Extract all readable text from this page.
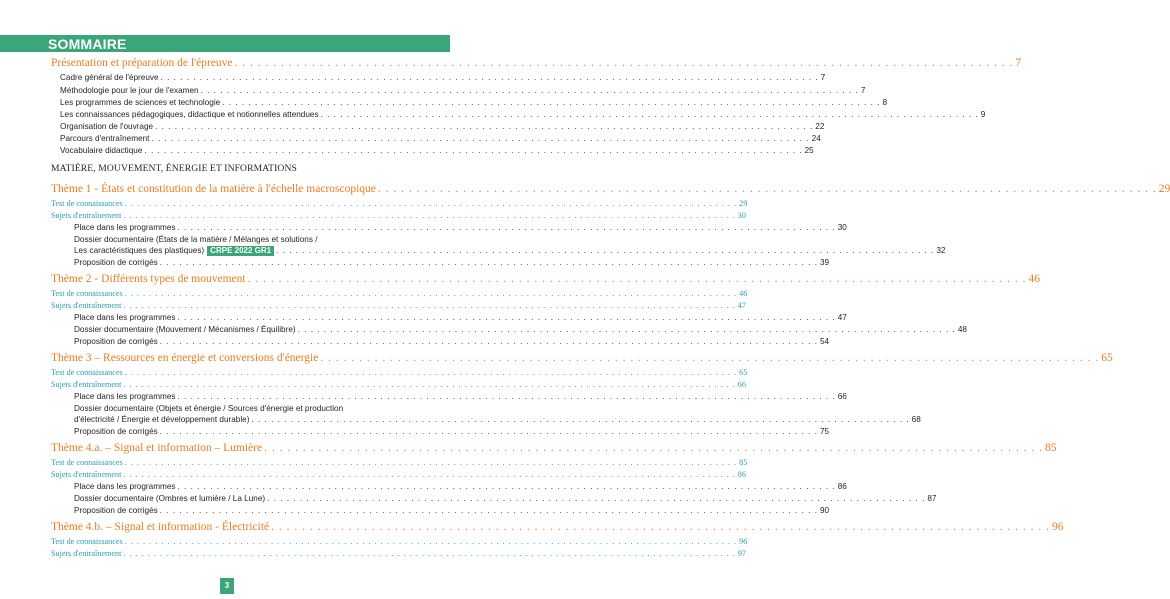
SOMMAIRE
Présentation et préparation de l'épreuve . . .	7
Cadre général de l'épreuve . . .	7
Méthodologie pour le jour de l'examen . . .	7
Les programmes de sciences et technologie . . .	8
Les connaissances pédagogiques, didactique et notionnelles attendues . . .	9
Organisation de l'ouvrage . . .	22
Parcours d'entraînement . . .	24
Vocabulaire didactique . . .	25
MATIÈRE, MOUVEMENT, ÉNERGIE ET INFORMATIONS
Thème 1 - États et constitution de la matière à l'échelle macroscopique . . .	29
Test de connaissances . . .	29
Sujets d'entraînement . . .	30
Place dans les programmes . . .	30
Dossier documentaire (États de la matière / Mélanges et solutions /
Les caractéristiques des plastiques) CRPE 2022 GR1 . . .	32
Proposition de corrigés . . .	39
Thème 2 - Différents types de mouvement . . .	46
Test de connaissances . . .	46
Sujets d'entraînement . . .	47
Place dans les programmes . . .	47
Dossier documentaire (Mouvement / Mécanismes / Équilibre) . . .	48
Proposition de corrigés . . .	54
Thème 3 – Ressources en énergie et conversions d'énergie . . .	65
Test de connaissances . . .	65
Sujets d'entraînement . . .	66
Place dans les programmes . . .	66
Dossier documentaire (Objets et énergie / Sources d'énergie et production
d'électricité / Énergie et développement durable) . . .	68
Proposition de corrigés . . .	75
Thème 4.a. – Signal et information – Lumière . . .	85
Test de connaissances . . .	85
Sujets d'entraînement . . .	86
Place dans les programmes . . .	86
Dossier documentaire (Ombres et lumière / La Lune) . . .	87
Proposition de corrigés . . .	90
Thème 4.b. – Signal et information - Électricité . . .	96
Test de connaissances . . .	96
Sujets d'entraînement . . .	97
3
